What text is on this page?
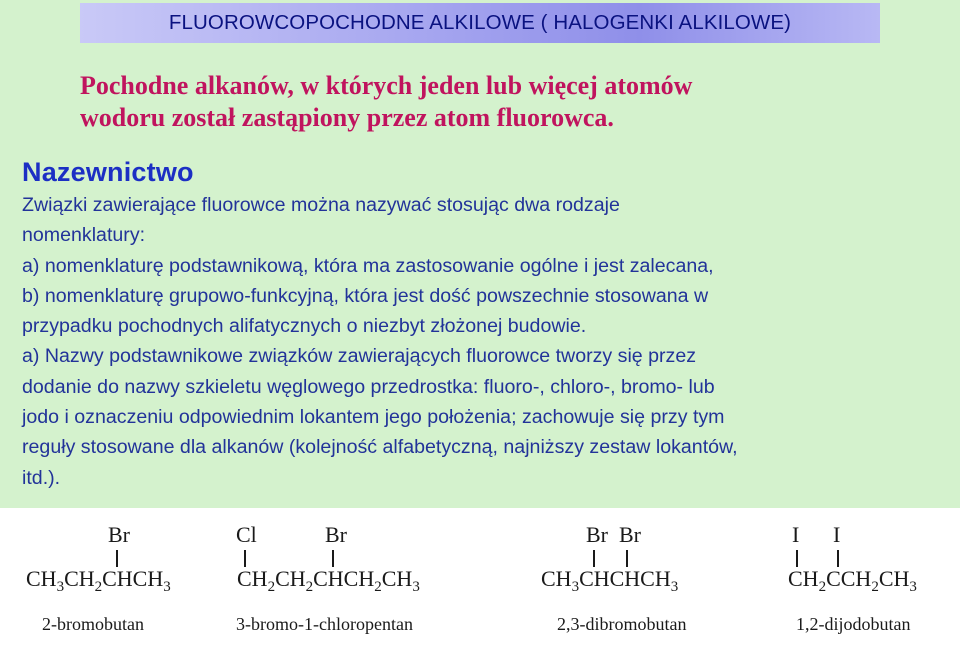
FLUOROWCOPOCHODNE ALKILOWE ( HALOGENKI ALKILOWE)
Pochodne alkanów, w których jeden lub więcej atomów
wodoru został zastąpiony przez atom fluorowca.
Nazewnictwo
Związki zawierające fluorowce można nazywać stosując dwa rodzaje
nomenklatury:
a) nomenklaturę podstawnikową, która ma zastosowanie ogólne i jest zalecana,
b) nomenklaturę grupowo-funkcyjną, która jest dość powszechnie stosowana w
przypadku pochodnych alifatycznych o niezbyt złożonej budowie.
a) Nazwy podstawnikowe związków zawierających fluorowce tworzy się przez
dodanie do nazwy szkieletu węglowego przedrostka: fluoro-, chloro-, bromo- lub
jodo i oznaczeniu odpowiednim lokantem jego położenia; zachowuje się przy tym
reguły stosowane dla alkanów (kolejność alfabetyczną, najniższy zestaw lokantów,
itd.).
Br
$CH_3CH_2CHCH_3$
2-bromobutan
Cl	Br
$CH_2CH_2CHCH_2CH_3$
3-bromo-1-chloropentan
Br Br
$CH_3CHCHCH_3$
2,3-dibromobutan
I I
$CH_2CCH_2CH_3$
1,2-dijodobutan
